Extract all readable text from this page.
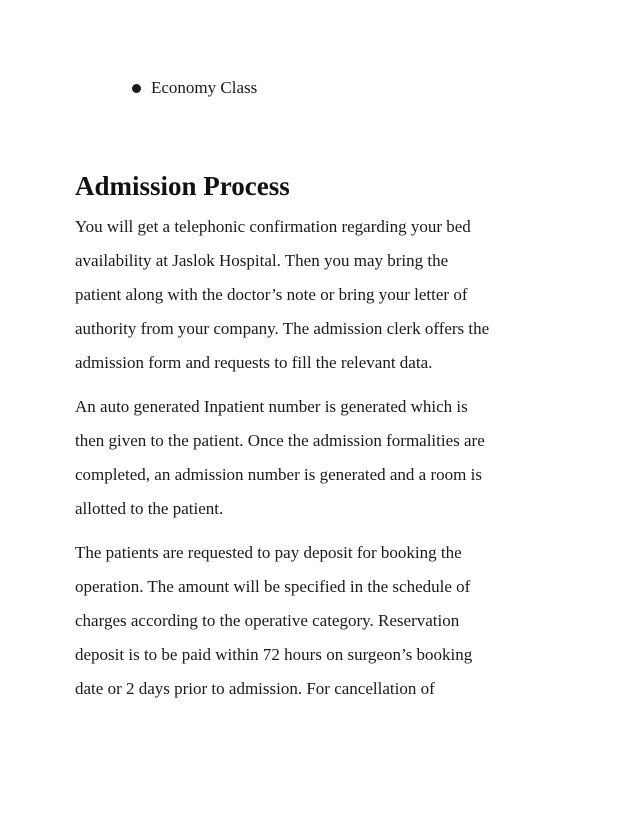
Economy Class
Admission Process

You will get a telephonic confirmation regarding your bed
availability at Jaslok Hospital. Then you may bring the
patient along with the doctor’s note or bring your letter of
authority from your company. The admission clerk offers the
admission form and requests to fill the relevant data.

An auto generated Inpatient number is generated which is
then given to the patient. Once the admission formalities are
completed, an admission number is generated and a room is
allotted to the patient.

The patients are requested to pay deposit for booking the
operation. The amount will be specified in the schedule of
charges according to the operative category. Reservation
deposit is to be paid within 72 hours on surgeon’s booking
date or 2 days prior to admission. For cancellation of
